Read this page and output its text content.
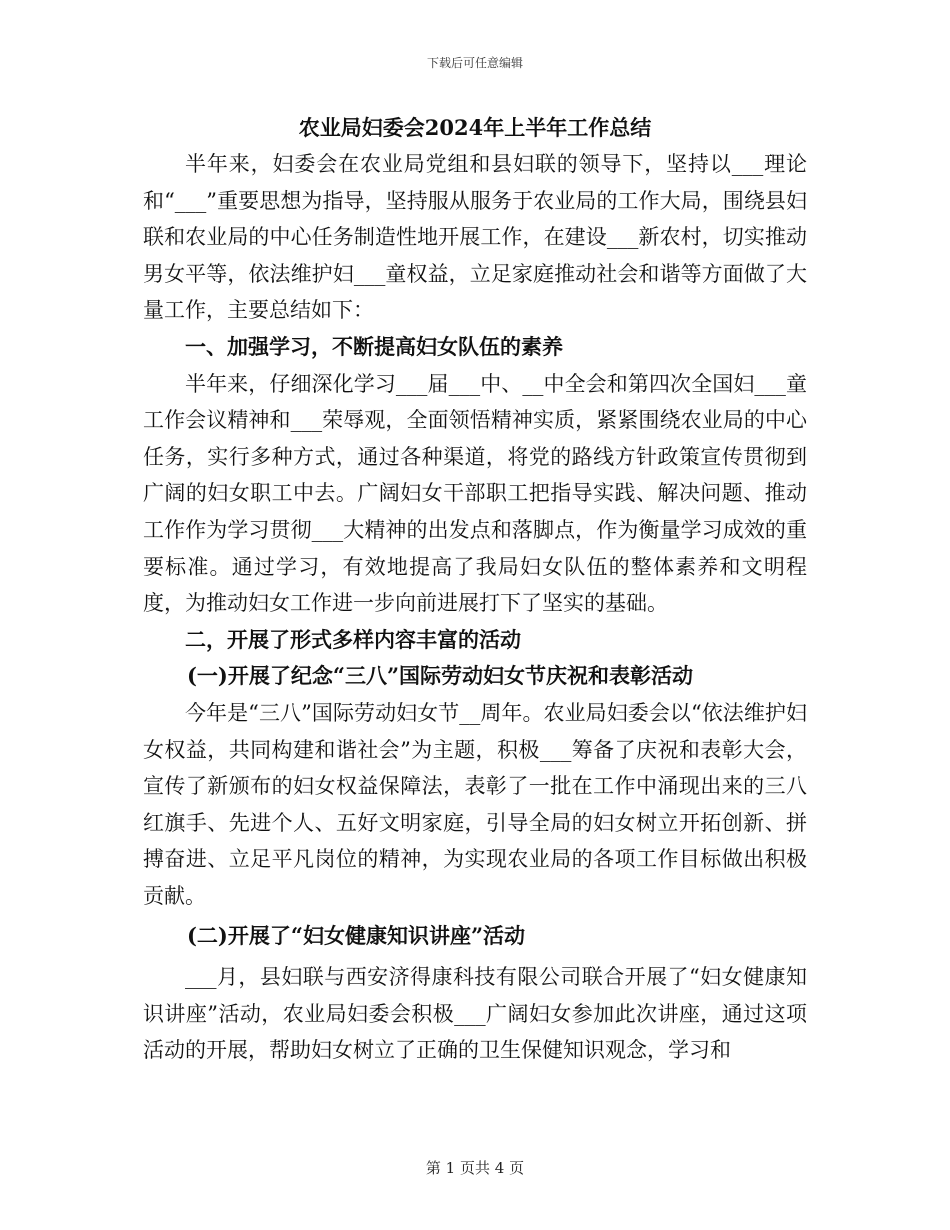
下载后可任意编辑
农业局妇委会2024年上半年工作总结

半年来，妇委会在农业局党组和县妇联的领导下，坚持以___理论和“___”重要思想为指导，坚持服从服务于农业局的工作大局，围绕县妇联和农业局的中心任务制造性地开展工作，在建设___新农村，切实推动男女平等，依法维护妇___童权益，立足家庭推动社会和谐等方面做了大量工作，主要总结如下：

一、加强学习，不断提高妇女队伍的素养

半年来，仔细深化学习___届___中、__中全会和第四次全国妇___童工作会议精神和___荣辱观，全面领悟精神实质，紧紧围绕农业局的中心任务，实行多种方式，通过各种渠道，将党的路线方针政策宣传贯彻到广阔的妇女职工中去。广阔妇女干部职工把指导实践、解决问题、推动工作作为学习贯彻___大精神的出发点和落脚点，作为衡量学习成效的重要标准。通过学习，有效地提高了我局妇女队伍的整体素养和文明程度，为推动妇女工作进一步向前进展打下了坚实的基础。

二，开展了形式多样内容丰富的活动

(一)开展了纪念“三八”国际劳动妇女节庆祝和表彰活动

今年是“三八”国际劳动妇女节__周年。农业局妇委会以“依法维护妇女权益，共同构建和谐社会”为主题，积极___筹备了庆祝和表彰大会，宣传了新颁布的妇女权益保障法，表彰了一批在工作中涌现出来的三八红旗手、先进个人、五好文明家庭，引导全局的妇女树立开拓创新、拼搏奋进、立足平凡岗位的精神，为实现农业局的各项工作目标做出积极贡献。

(二)开展了“妇女健康知识讲座”活动

___月，县妇联与西安济得康科技有限公司联合开展了“妇女健康知识讲座”活动，农业局妇委会积极___广阔妇女参加此次讲座，通过这项活动的开展，帮助妇女树立了正确的卫生保健知识观念，学习和

第 1 页共 4 页
